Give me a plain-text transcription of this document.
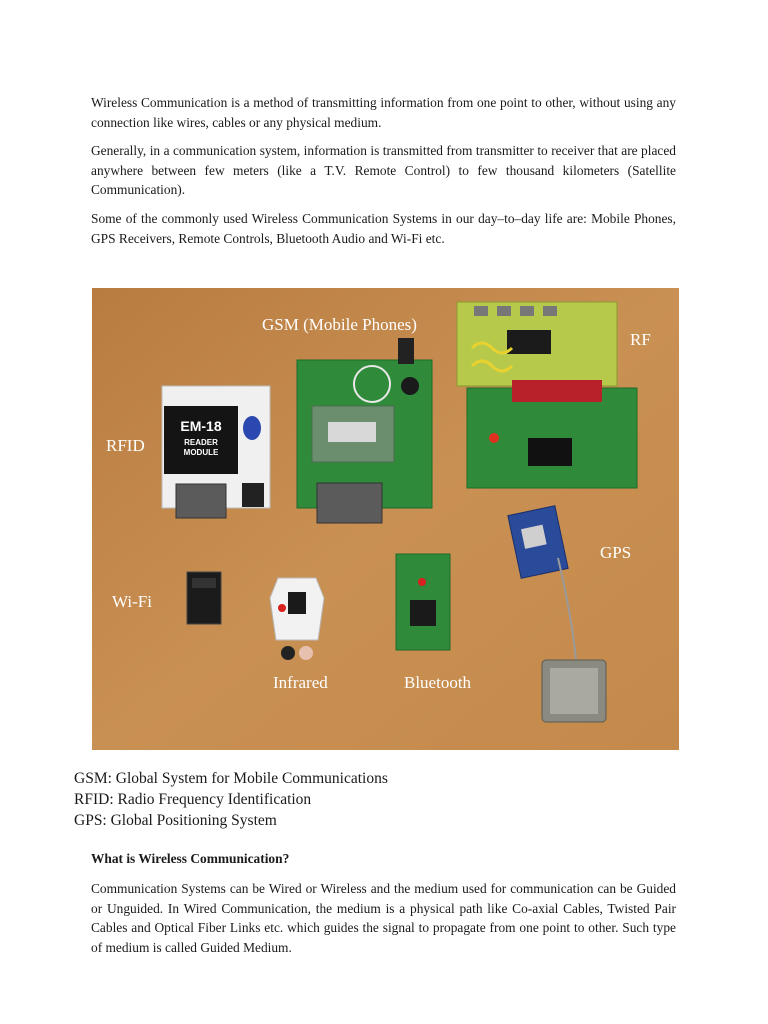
Wireless Communication is a method of transmitting information from one point to other, without using any connection like wires, cables or any physical medium.

Generally, in a communication system, information is transmitted from transmitter to receiver that are placed anywhere between few meters (like a T.V. Remote Control) to few thousand kilometers (Satellite Communication).

Some of the commonly used Wireless Communication Systems in our day–to–day life are: Mobile Phones, GPS Receivers, Remote Controls, Bluetooth Audio and Wi-Fi etc.

EM-18
READER
MODULE
GSM (Mobile Phones)
RF
RFID
GPS
Wi-Fi
Infrared	Bluetooth

GSM: Global System for Mobile Communications

RFID: Radio Frequency Identification

GPS: Global Positioning System

What is Wireless Communication?

Communication Systems can be Wired or Wireless and the medium used for communication can be Guided or Unguided. In Wired Communication, the medium is a physical path like Co-axial Cables, Twisted Pair Cables and Optical Fiber Links etc. which guides the signal to propagate from one point to other. Such type of medium is called Guided Medium.
